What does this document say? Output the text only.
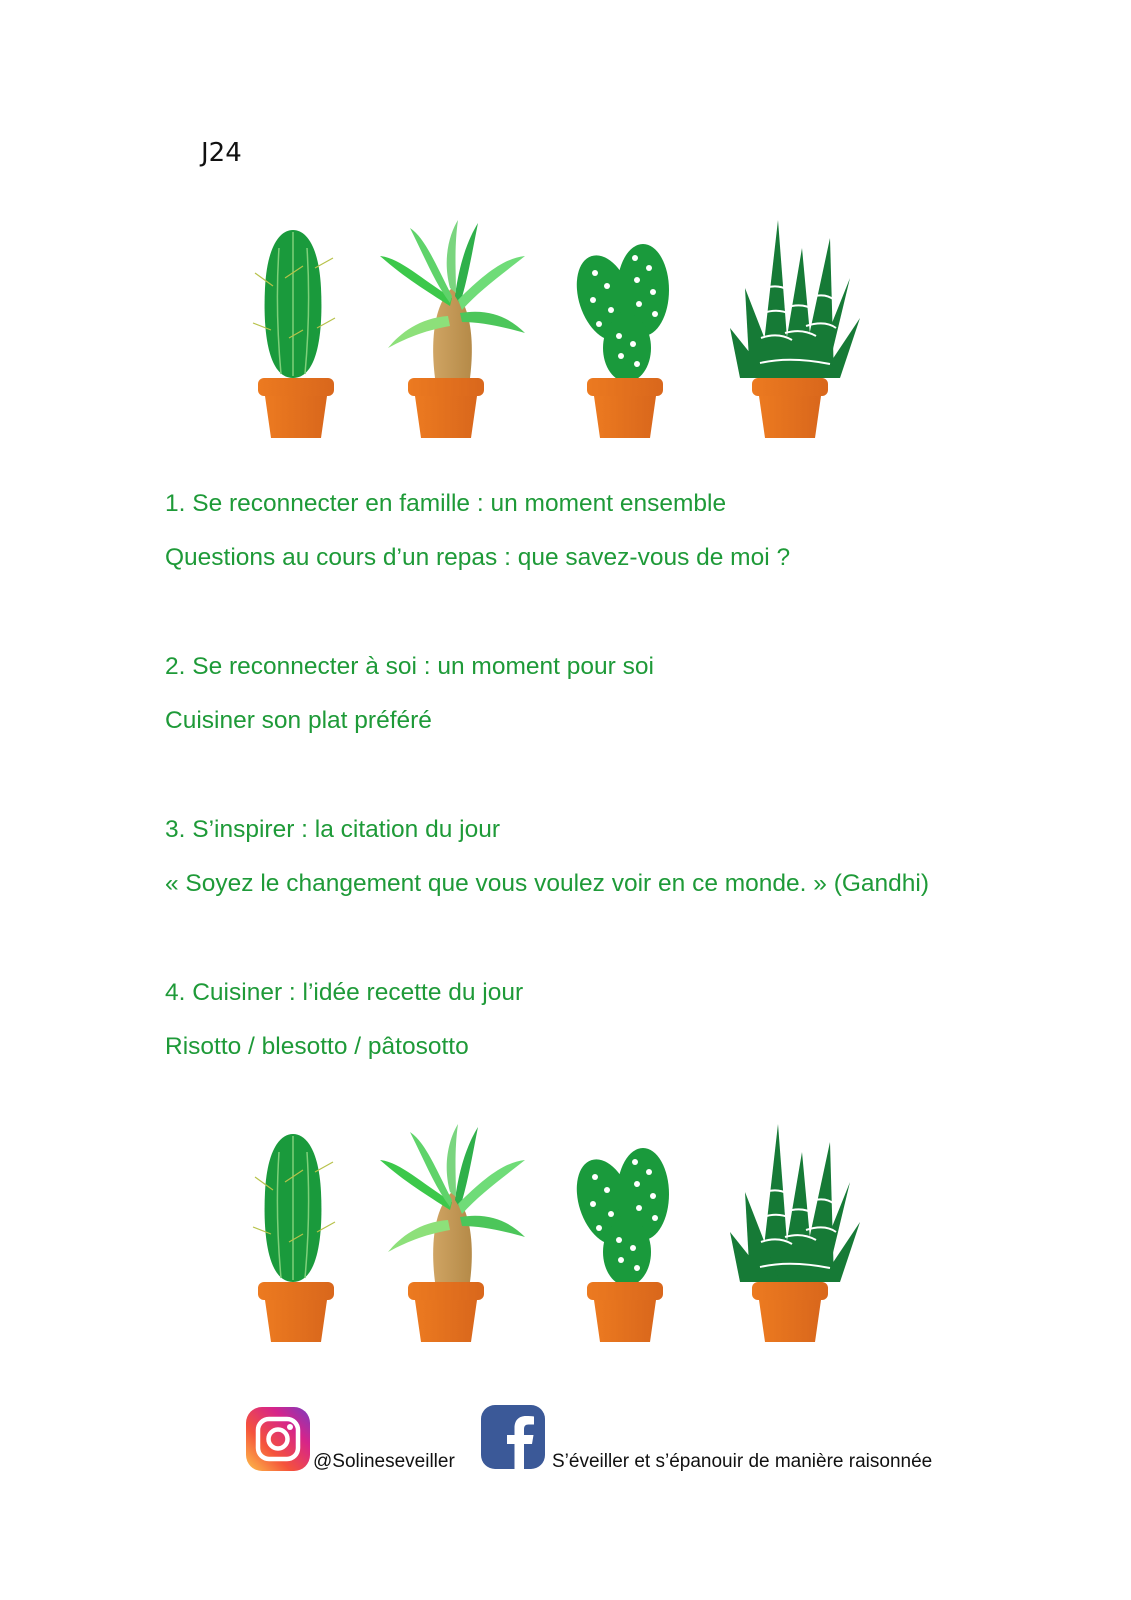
J24
1. Se reconnecter en famille : un moment ensemble
Questions au cours d’un repas : que savez-vous de moi ?
2. Se reconnecter à soi : un moment pour soi
Cuisiner son plat préféré
3. S’inspirer : la citation du jour
« Soyez le changement que vous voulez voir en ce monde. » (Gandhi)
4. Cuisiner : l’idée recette du jour
Risotto / blesotto / pâtosotto
@Solineseveiller	S’éveiller et s’épanouir de manière raisonnée
